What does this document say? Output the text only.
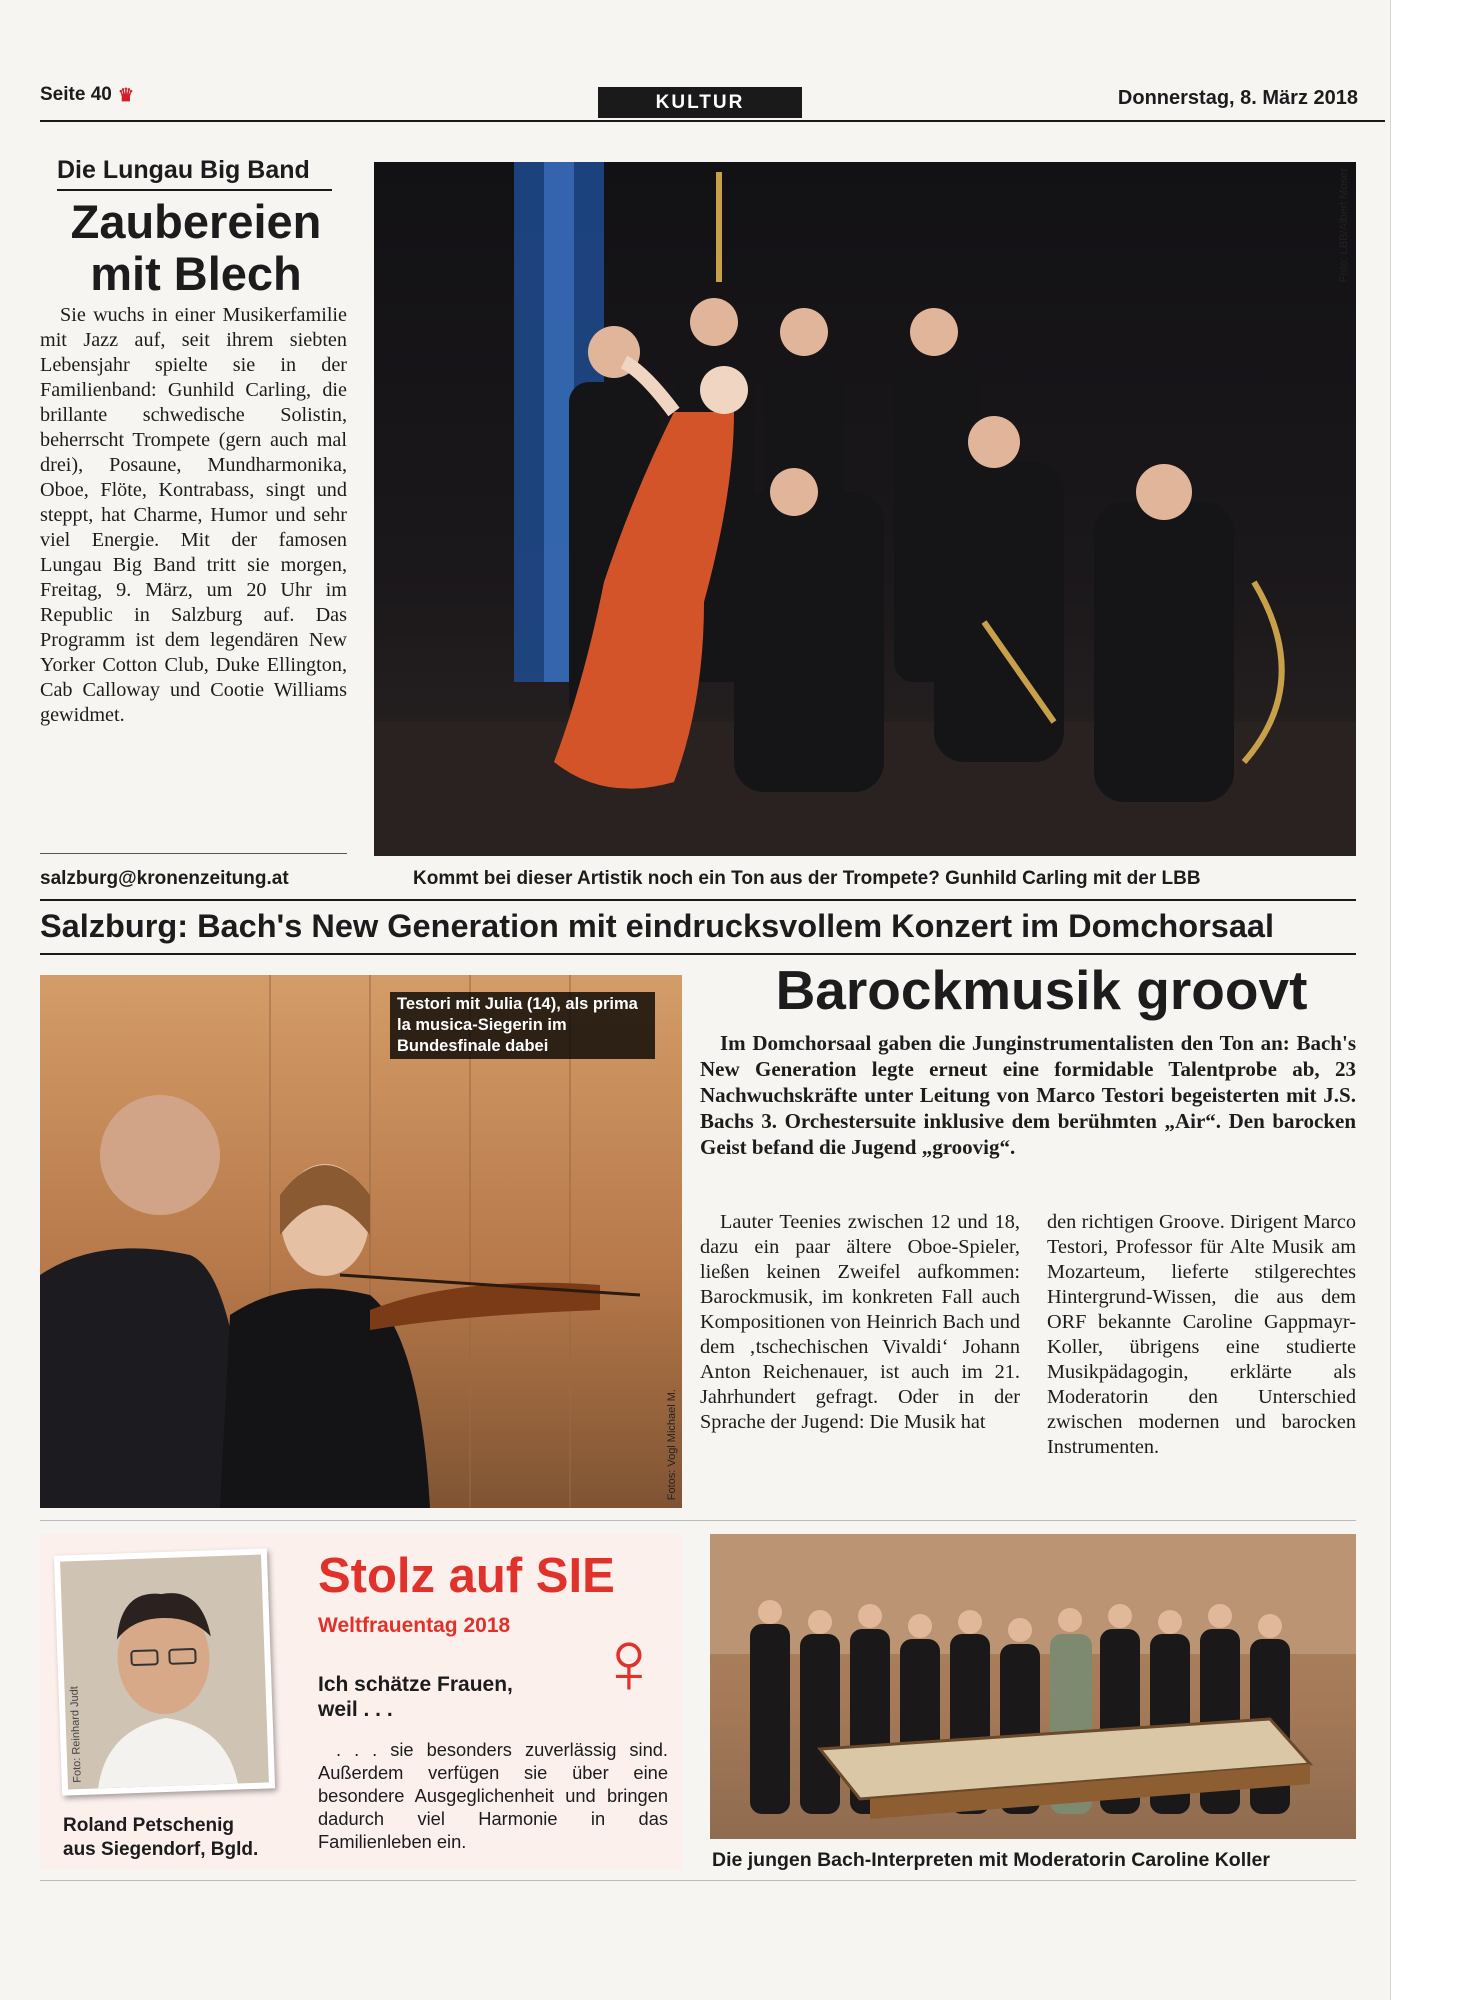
Seite 40 ♛	KULTUR	Donnerstag, 8. März 2018
Die Lungau Big Band
Zaubereien
mit Blech
Sie wuchs in einer Musikerfamilie mit Jazz auf, seit ihrem siebten Lebensjahr spielte sie in der Familienband: Gunhild Carling, die brillante schwedische Solistin, beherrscht Trompete (gern auch mal drei), Posaune, Mundharmonika, Oboe, Flöte, Kontrabass, singt und steppt, hat Charme, Humor und sehr viel Energie. Mit der famosen Lungau Big Band tritt sie morgen, Freitag, 9. März, um 20 Uhr im Republic in Salzburg auf. Das Programm ist dem legendären New Yorker Cotton Club, Duke Ellington, Cab Calloway und Cootie Williams gewidmet.
salzburg@kronenzeitung.at
Foto: LBB/Albert Moser
Kommt bei dieser Artistik noch ein Ton aus der Trompete? Gunhild Carling mit der LBB
Salzburg: Bach's New Generation mit eindrucksvollem Konzert im Domchorsaal
Fotos: Vogl Michael M.
Testori mit Julia (14), als prima la musica-Siegerin im Bundesfinale dabei
Barockmusik groovt
Im Domchorsaal gaben die Junginstrumentalisten den Ton an: Bach's New Generation legte erneut eine formidable Talentprobe ab, 23 Nachwuchskräfte unter Leitung von Marco Testori begeisterten mit J.S. Bachs 3. Orchestersuite inklusive dem berühmten „Air“. Den barocken Geist befand die Jugend „groovig“.
Lauter Teenies zwischen 12 und 18, dazu ein paar ältere Oboe-Spieler, ließen keinen Zweifel aufkommen: Barockmusik, im konkreten Fall auch Kompositionen von Heinrich Bach und dem ‚tschechischen Vivaldi‘ Johann Anton Reichenauer, ist auch im 21. Jahrhundert gefragt. Oder in der Sprache der Jugend: Die Musik hat
den richtigen Groove. Dirigent Marco Testori, Professor für Alte Musik am Mozarteum, lieferte stilgerechtes Hintergrund-Wissen, die aus dem ORF bekannte Caroline Gappmayr-Koller, übrigens eine studierte Musikpädagogin, erklärte als Moderatorin den Unterschied zwischen modernen und barocken Instrumenten.
Foto: Reinhard Judt
Roland Petschenig
aus Siegendorf, Bgld.
Stolz auf SIE
Weltfrauentag 2018 ♀
Ich schätze Frauen,
weil . . .
. . . sie besonders zuverlässig sind. Außerdem verfügen sie über eine besondere Ausgeglichenheit und bringen dadurch viel Harmonie in das Familienleben ein.
Die jungen Bach-Interpreten mit Moderatorin Caroline Koller
